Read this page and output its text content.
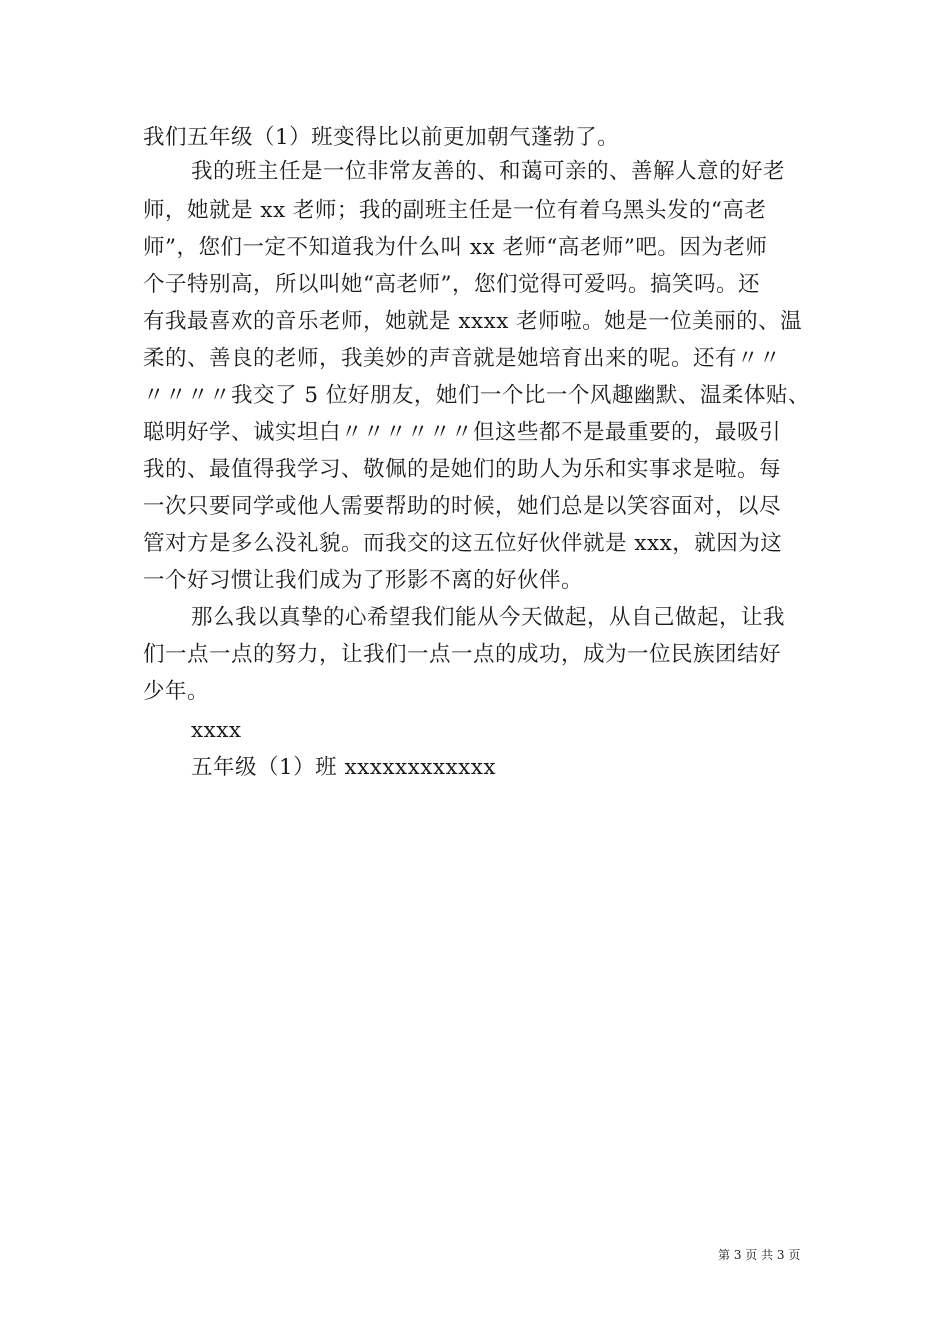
我们五年级（1）班变得比以前更加朝气蓬勃了。
我的班主任是一位非常友善的、和蔼可亲的、善解人意的好老
师，她就是 xx 老师；我的副班主任是一位有着乌黑头发的“高老
师”，您们一定不知道我为什么叫 xx 老师“高老师”吧。因为老师
个子特别高，所以叫她“高老师”，您们觉得可爱吗。搞笑吗。还
有我最喜欢的音乐老师，她就是 xxxx 老师啦。她是一位美丽的、温
柔的、善良的老师，我美妙的声音就是她培育出来的呢。还有〃〃
〃〃〃〃我交了 5 位好朋友，她们一个比一个风趣幽默、温柔体贴、
聪明好学、诚实坦白〃〃〃〃〃〃但这些都不是最重要的，最吸引
我的、最值得我学习、敬佩的是她们的助人为乐和实事求是啦。每
一次只要同学或他人需要帮助的时候，她们总是以笑容面对，以尽
管对方是多么没礼貌。而我交的这五位好伙伴就是 xxx，就因为这
一个好习惯让我们成为了形影不离的好伙伴。
那么我以真挚的心希望我们能从今天做起，从自己做起，让我
们一点一点的努力，让我们一点一点的成功，成为一位民族团结好
少年。
xxxx
五年级（1）班 xxxxxxxxxxxx
第 3 页 共 3 页
